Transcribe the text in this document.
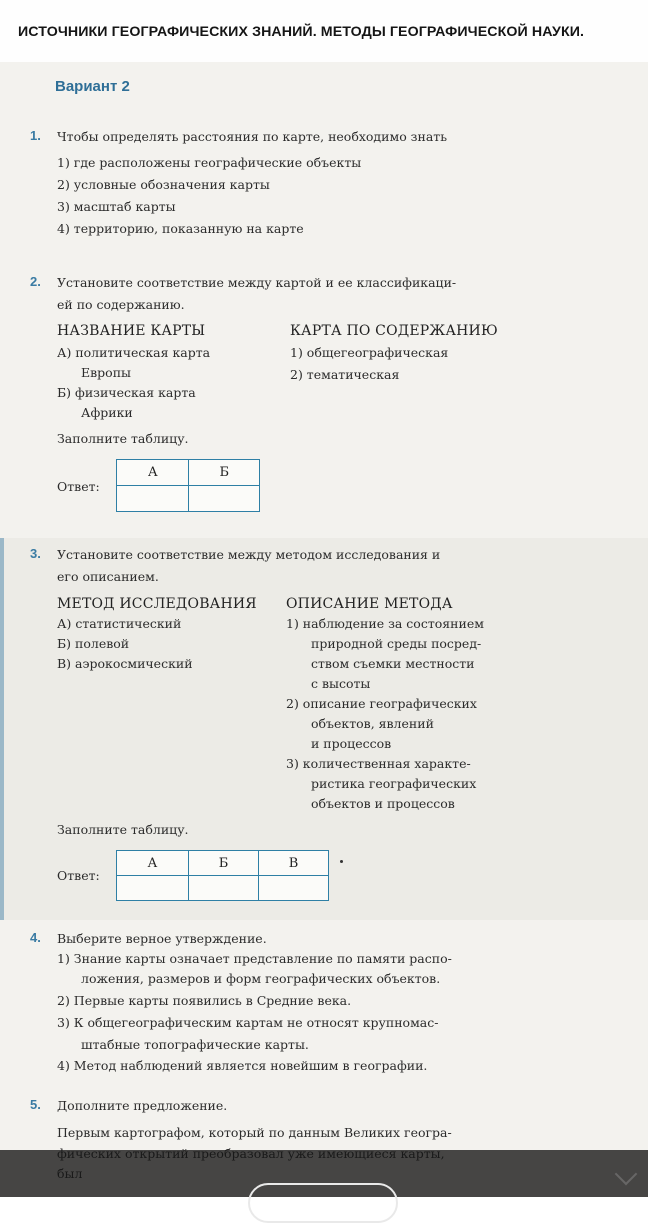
ИСТОЧНИКИ ГЕОГРАФИЧЕСКИХ ЗНАНИЙ. МЕТОДЫ ГЕОГРАФИЧЕСКОЙ НАУКИ.
Вариант 2
1. Чтобы определять расстояния по карте, необходимо знать
1) где расположены географические объекты
2) условные обозначения карты
3) масштаб карты
4) территорию, показанную на карте
2. Установите соответствие между картой и ее классификаци-
ей по содержанию.
НАЗВАНИЕ КАРТЫ	КАРТА ПО СОДЕРЖАНИЮ
А) политическая карта
Европы
Б) физическая карта
Африки
1) общегеографическая
2) тематическая
Заполните таблицу.
Ответ:
А	Б

3. Установите соответствие между методом исследования и
его описанием.
МЕТОД ИССЛЕДОВАНИЯ ОПИСАНИЕ МЕТОДА
А) статистический
Б) полевой
В) аэрокосмический
1) наблюдение за состоянием
природной среды посред-
ством съемки местности
с высоты
2) описание географических
объектов, явлений
и процессов
3) количественная характе-
ристика географических
объектов и процессов
Заполните таблицу.
Ответ:
А	Б	В

4. Выберите верное утверждение.
1) Знание карты означает представление по памяти распо-
ложения, размеров и форм географических объектов.
2) Первые карты появились в Средние века.
3) К общегеографическим картам не относят крупномас-
штабные топографические карты.
4) Метод наблюдений является новейшим в географии.
5. Дополните предложение.
Первым картографом, который по данным Великих геогра-
